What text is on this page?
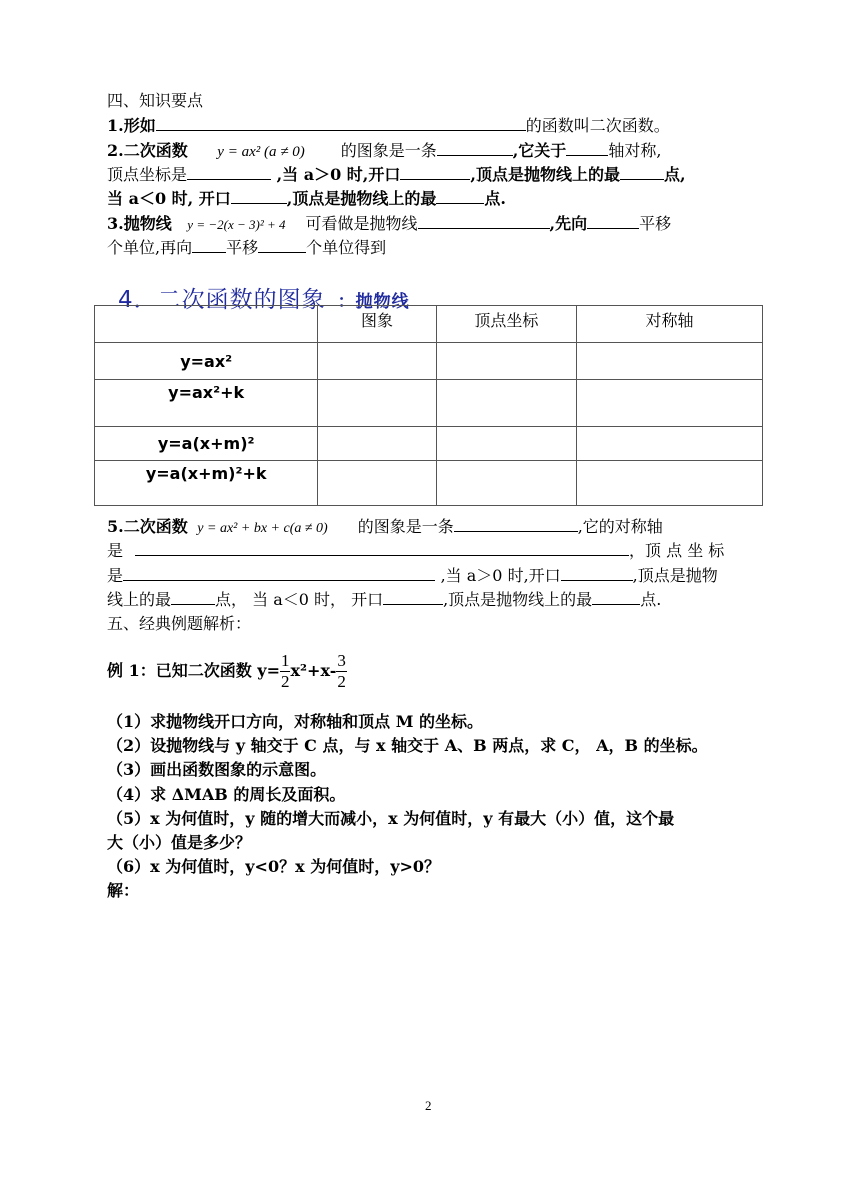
四、知识要点
1.形如	的函数叫二次函数。
2.二次函数 y = ax² (a ≠ 0) 的图象是一条	,它关于	轴对称,
顶点坐标是	,当 a＞0 时,开口	,顶点是抛物线上的最	点,
当 a＜0 时, 开口	,顶点是抛物线上的最	点.
3.抛物线 y = −2(x − 3)² + 4 可看做是抛物线	,先向	平移
个单位,再向 平移	个单位得到
4．二次函数的图象 ：抛物线
	图象	顶点坐标	对称轴
y=ax²			
y=ax²+k			
y=a(x+m)²			
y=a(x+m)²+k			
5.二次函数 y = ax² + bx + c(a ≠ 0) 的图象是一条	,它的对称轴
是	，顶 点 坐 标
是	,当 a＞0 时,开口	,顶点是抛物
线上的最	点， 当 a＜0 时， 开口	,顶点是抛物线上的最	点.
五、经典例题解析：
例 1：已知二次函数 $y= \frac{1}{2} x^2+x- \frac{3}{2}$
（1）求抛物线开口方向，对称轴和顶点 M 的坐标。
（2）设抛物线与 y 轴交于 C 点，与 x 轴交于 A、B 两点，求 C， A，B 的坐标。
（3）画出函数图象的示意图。
（4）求 ΔMAB 的周长及面积。
（5）x 为何值时，y 随的增大而减小，x 为何值时，y 有最大（小）值，这个最
大（小）值是多少？
（6）x 为何值时，y<0？x 为何值时，y>0？
解：
2
